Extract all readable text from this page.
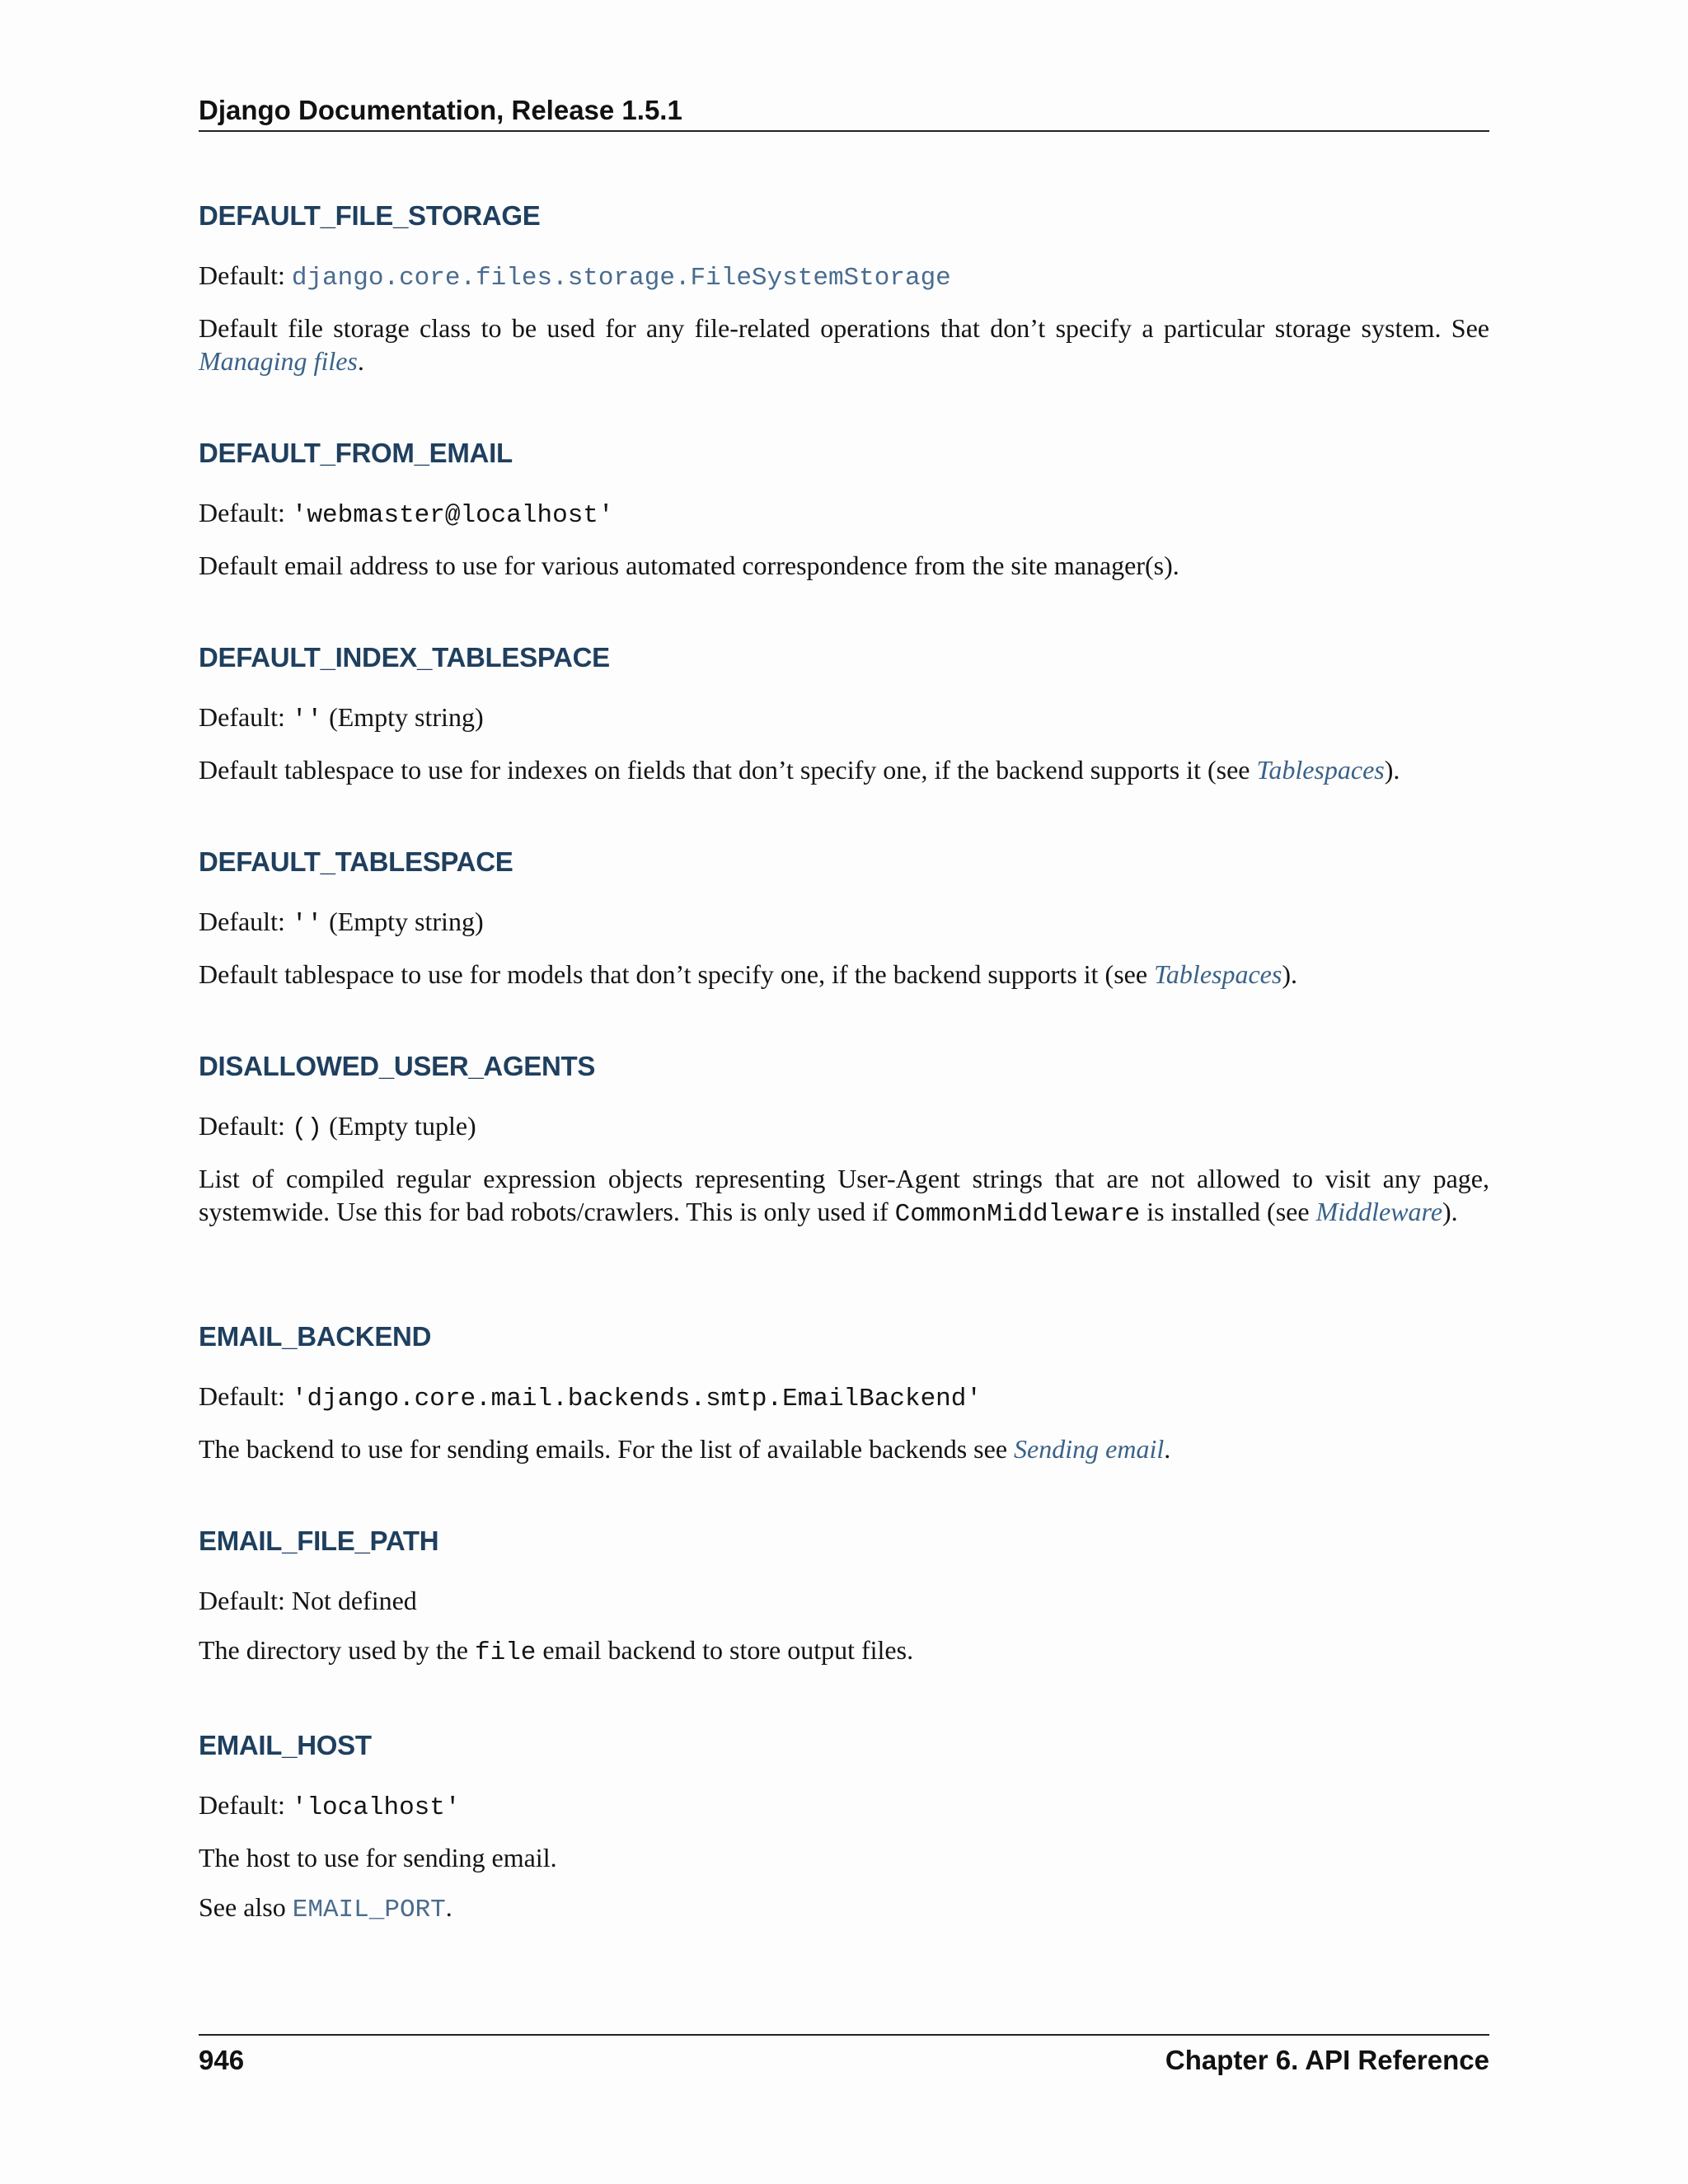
Django Documentation, Release 1.5.1
DEFAULT_FILE_STORAGE

Default: django.core.files.storage.FileSystemStorage

Default file storage class to be used for any file-related operations that don’t specify a particular storage system. See Managing files.

DEFAULT_FROM_EMAIL

Default: 'webmaster@localhost'

Default email address to use for various automated correspondence from the site manager(s).

DEFAULT_INDEX_TABLESPACE

Default: '' (Empty string)

Default tablespace to use for indexes on fields that don’t specify one, if the backend supports it (see Tablespaces).

DEFAULT_TABLESPACE

Default: '' (Empty string)

Default tablespace to use for models that don’t specify one, if the backend supports it (see Tablespaces).

DISALLOWED_USER_AGENTS

Default: () (Empty tuple)

List of compiled regular expression objects representing User-Agent strings that are not allowed to visit any page, systemwide. Use this for bad robots/crawlers. This is only used if CommonMiddleware is installed (see Middleware).

EMAIL_BACKEND

Default: 'django.core.mail.backends.smtp.EmailBackend'

The backend to use for sending emails. For the list of available backends see Sending email.

EMAIL_FILE_PATH

Default: Not defined

The directory used by the file email backend to store output files.

EMAIL_HOST

Default: 'localhost'

The host to use for sending email.

See also EMAIL_PORT.

946	Chapter 6. API Reference
